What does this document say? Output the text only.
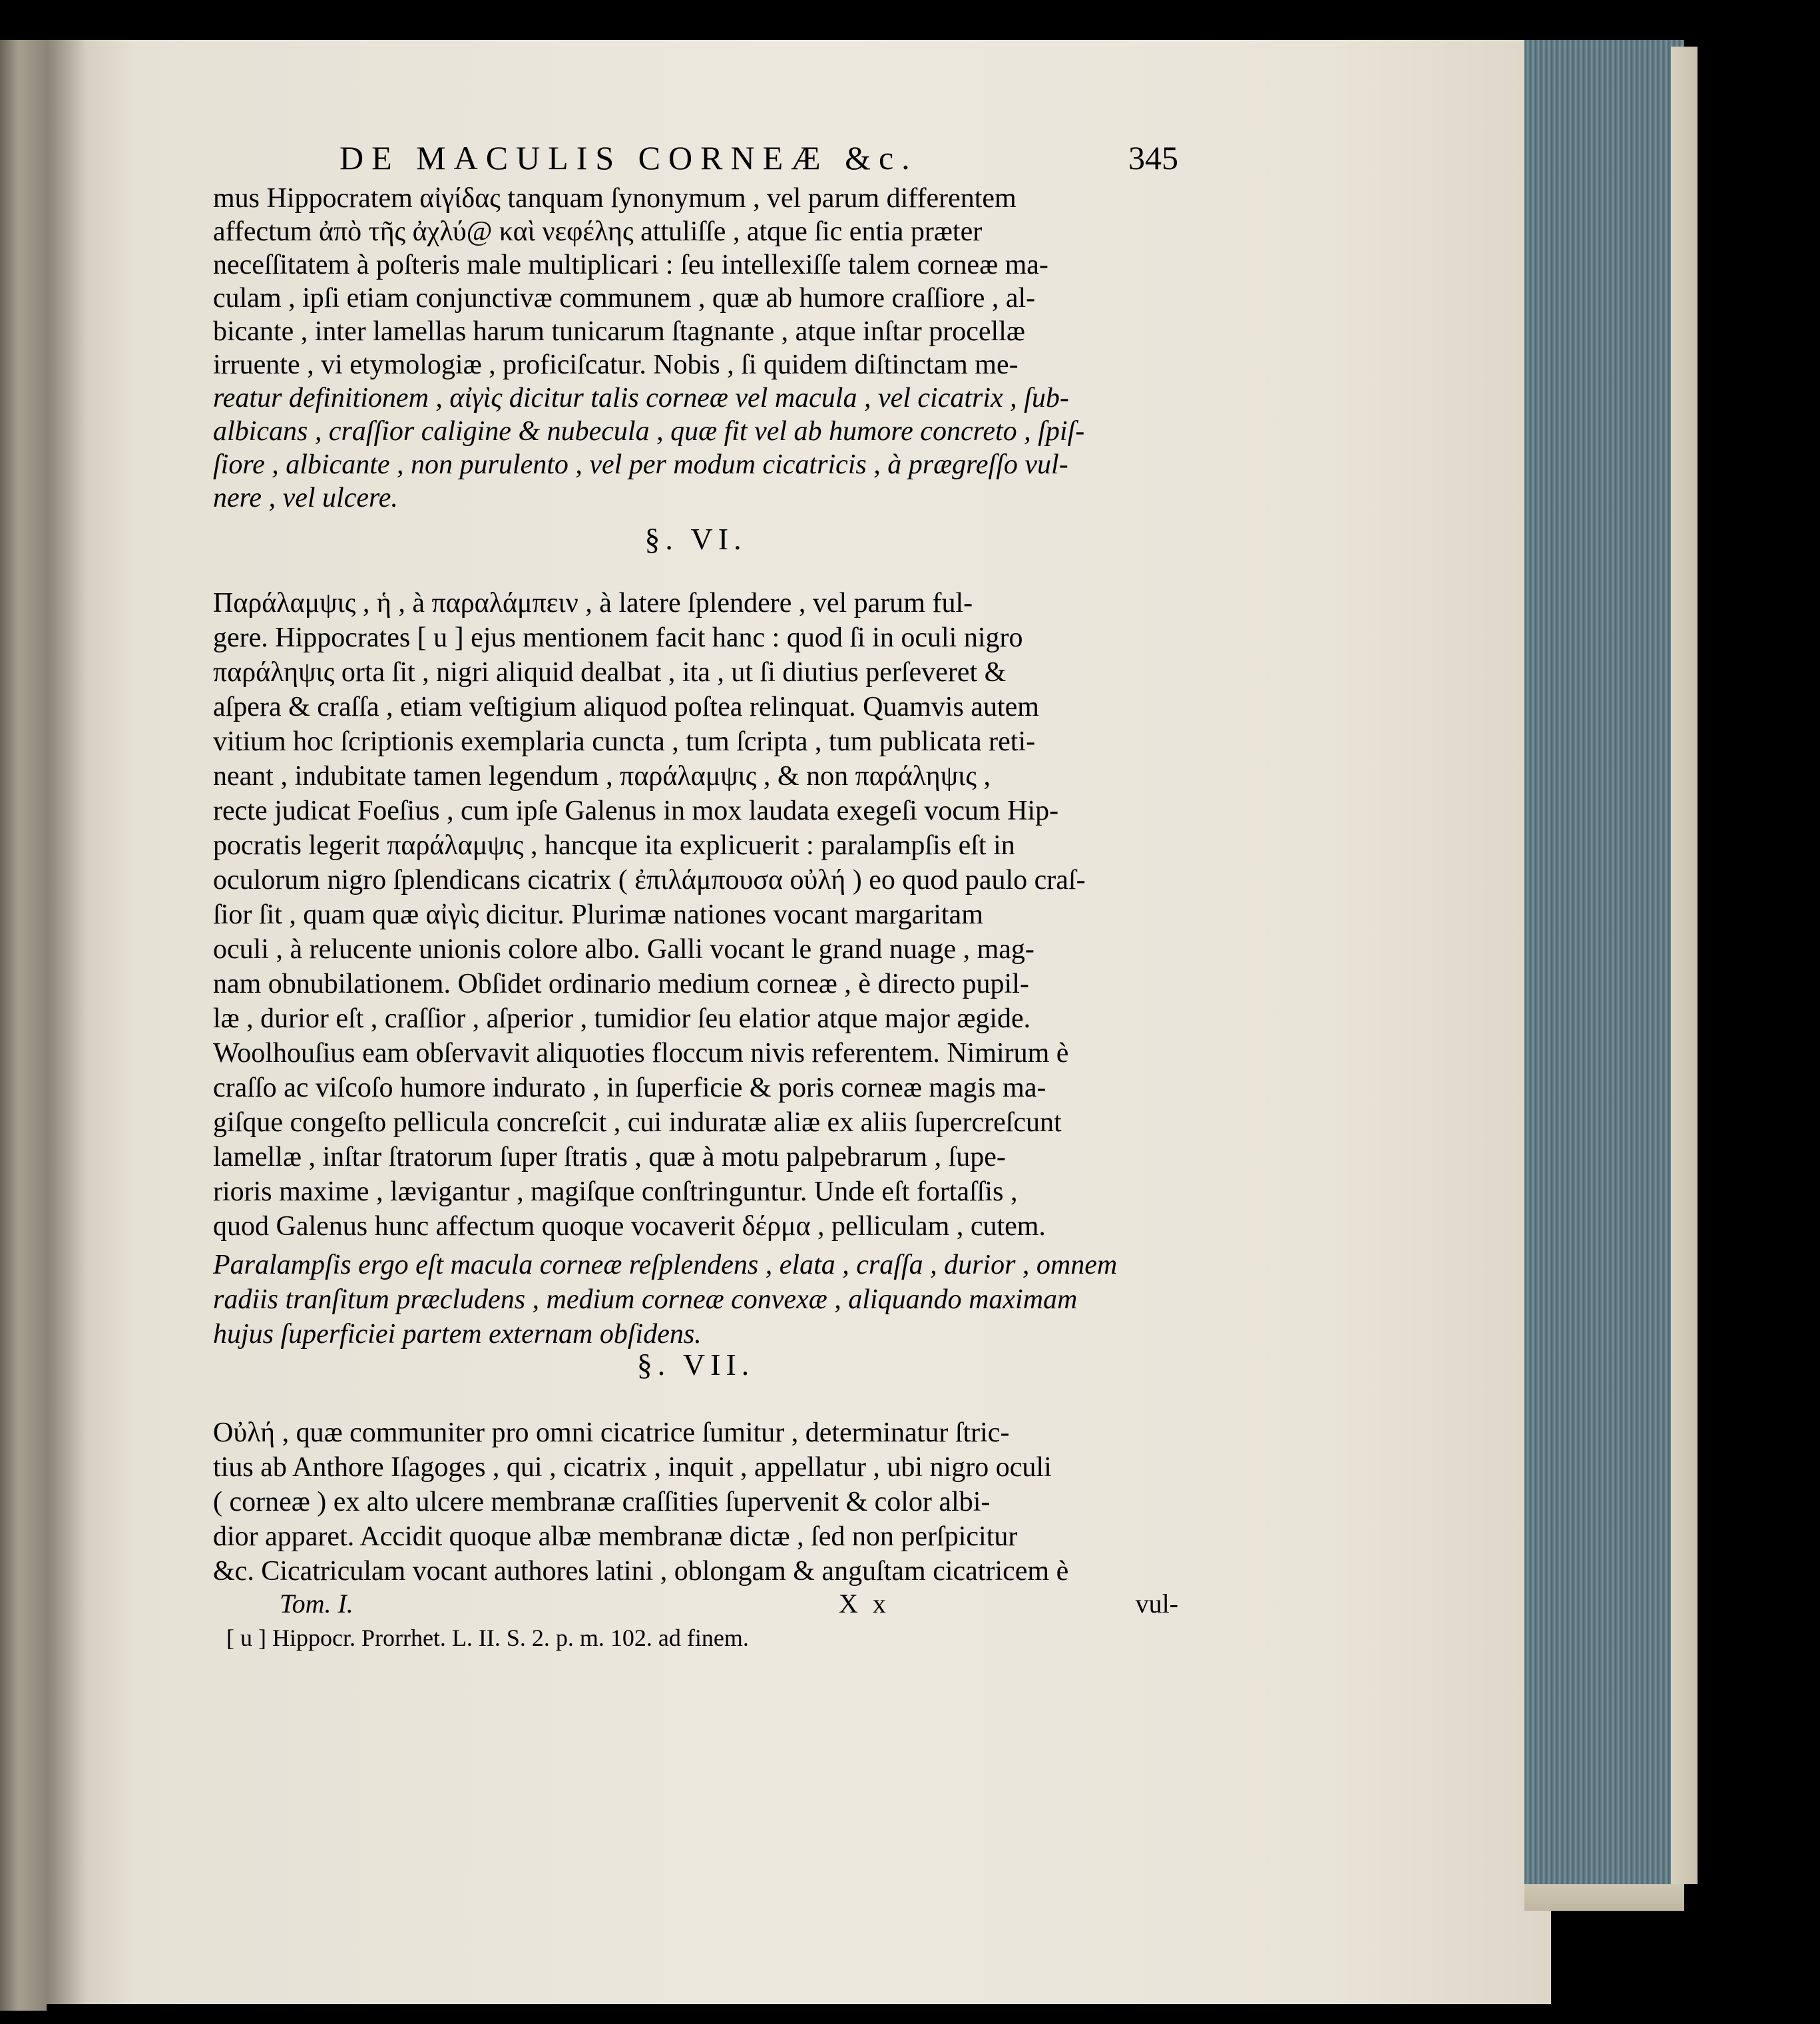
DE MACULIS CORNEÆ &c.	345
mus Hippocratem αἰγίδας tanquam ſynonymum , vel parum differentem
affectum ἀπὸ τῆς ἀχλύ@ καὶ νεφέλης attuliſſe , atque ſic entia præter
neceſſitatem à poſteris male multiplicari : ſeu intellexiſſe talem corneæ ma-
culam , ipſi etiam conjunctivæ communem , quæ ab humore craſſiore , al-
bicante , inter lamellas harum tunicarum ſtagnante , atque inſtar procellæ
irruente , vi etymologiæ , proficiſcatur. Nobis , ſi quidem diſtinctam me-
reatur definitionem , αἰγὶς dicitur talis corneæ vel macula , vel cicatrix , ſub-
albicans , craſſior caligine & nubecula , quæ fit vel ab humore concreto , ſpiſ-
ſiore , albicante , non purulento , vel per modum cicatricis , à prægreſſo vul-
nere , vel ulcere.
§. VI.
Παράλαμψις , ἡ , à παραλάμπειν , à latere ſplendere , vel parum ful-
gere. Hippocrates [ u ] ejus mentionem facit hanc : quod ſi in oculi nigro
παράληψις orta ſit , nigri aliquid dealbat , ita , ut ſi diutius perſeveret &
aſpera & craſſa , etiam veſtigium aliquod poſtea relinquat. Quamvis autem
vitium hoc ſcriptionis exemplaria cuncta , tum ſcripta , tum publicata reti-
neant , indubitate tamen legendum , παράλαμψις , & non παράληψις ,
recte judicat Foeſius , cum ipſe Galenus in mox laudata exegeſi vocum Hip-
pocratis legerit παράλαμψις , hancque ita explicuerit : paralampſis eſt in
oculorum nigro ſplendicans cicatrix ( ἐπιλάμπουσα οὐλή ) eo quod paulo craſ-
ſior ſit , quam quæ αἰγὶς dicitur. Plurimæ nationes vocant margaritam
oculi , à relucente unionis colore albo. Galli vocant le grand nuage , mag-
nam obnubilationem. Obſidet ordinario medium corneæ , è directo pupil-
læ , durior eſt , craſſior , aſperior , tumidior ſeu elatior atque major ægide.
Woolhouſius eam obſervavit aliquoties floccum nivis referentem. Nimirum è
craſſo ac viſcoſo humore indurato , in ſuperficie & poris corneæ magis ma-
giſque congeſto pellicula concreſcit , cui induratæ aliæ ex aliis ſupercreſcunt
lamellæ , inſtar ſtratorum ſuper ſtratis , quæ à motu palpebrarum , ſupe-
rioris maxime , lævigantur , magiſque conſtringuntur. Unde eſt fortaſſis ,
quod Galenus hunc affectum quoque vocaverit δέρμα , pelliculam , cutem.
Paralampſis ergo eſt macula corneæ reſplendens , elata , craſſa , durior , omnem
radiis tranſitum præcludens , medium corneæ convexæ , aliquando maximam
hujus ſuperficiei partem externam obſidens.
§. VII.
Οὐλή , quæ communiter pro omni cicatrice ſumitur , determinatur ſtric-
tius ab Anthore Iſagoges , qui , cicatrix , inquit , appellatur , ubi nigro oculi
( corneæ ) ex alto ulcere membranæ craſſities ſupervenit & color albi-
dior apparet. Accidit quoque albæ membranæ dictæ , ſed non perſpicitur
&c. Cicatriculam vocant authores latini , oblongam & anguſtam cicatricem è
Tom. I.	X x	vul-
[ u ] Hippocr. Prorrhet. L. II. S. 2. p. m. 102. ad finem.
